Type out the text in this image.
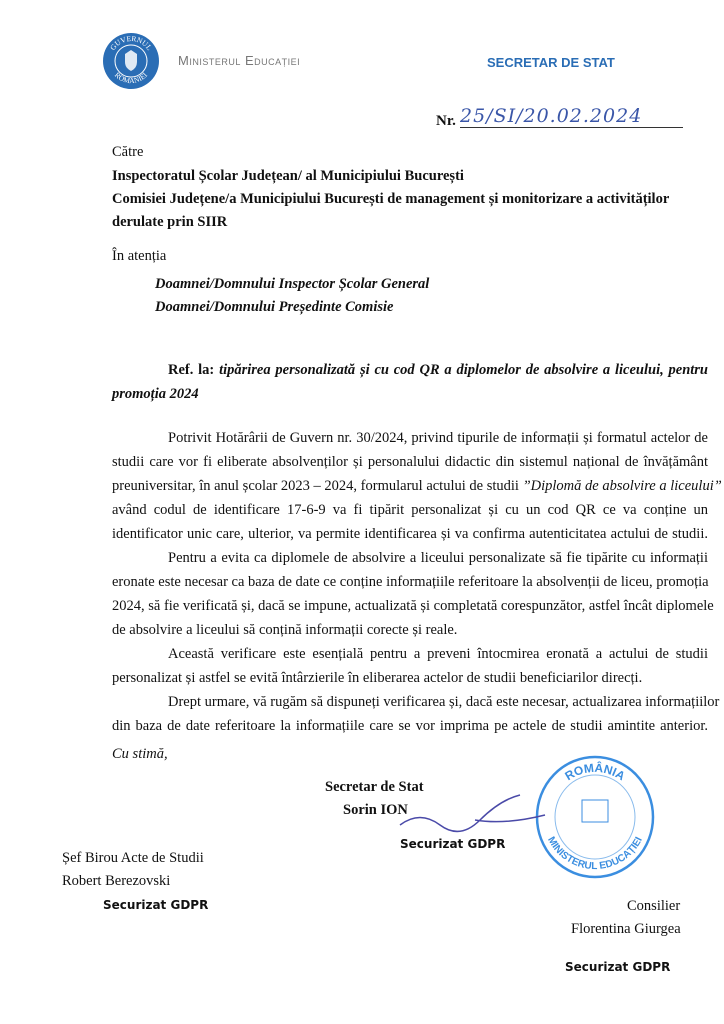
GUVERNUL
ROMÂNIEI
Ministerul Educației	SECRETAR DE STAT
Nr. 25/SI/20.02.2024
Către
Inspectoratul Școlar Județean/ al Municipiului București
Comisiei Județene/a Municipiului București de management și monitorizare a activităților
derulate prin SIIR
În atenția
Doamnei/Domnului Inspector Școlar General
Doamnei/Domnului Președinte Comisie
Ref. la: tipărirea personalizată și cu cod QR a diplomelor de absolvire a liceului, pentru
promoția 2024
Potrivit Hotărârii de Guvern nr. 30/2024, privind tipurile de informații și formatul actelor de
studii care vor fi eliberate absolvenților și personalului didactic din sistemul național de învățământ
preuniversitar, în anul școlar 2023 – 2024, formularul actului de studii ”Diplomă de absolvire a liceului”
având codul de identificare 17-6-9 va fi tipărit personalizat și cu un cod QR ce va conține un
identificator unic care, ulterior, va permite identificarea și va confirma autenticitatea actului de studii.
Pentru a evita ca diplomele de absolvire a liceului personalizate să fie tipărite cu informații
eronate este necesar ca baza de date ce conține informațiile referitoare la absolvenții de liceu, promoția
2024, să fie verificată și, dacă se impune, actualizată și completată corespunzător, astfel încât diplomele
de absolvire a liceului să conțină informații corecte și reale.
Această verificare este esențială pentru a preveni întocmirea eronată a actului de studii
personalizat și astfel se evită întârzierile în eliberarea actelor de studii beneficiarilor direcți.
Drept urmare, vă rugăm să dispuneți verificarea și, dacă este necesar, actualizarea informațiilor
din baza de date referitoare la informațiile care se vor imprima pe actele de studii amintite anterior.
Cu stimă,
Secretar de Stat
Sorin ION
ROMÂNIA
MINISTERUL EDUCAȚIEI
Securizat GDPR
Șef Birou Acte de Studii
Robert Berezovski
Securizat GDPR	Consilier
Florentina Giurgea
Securizat GDPR
